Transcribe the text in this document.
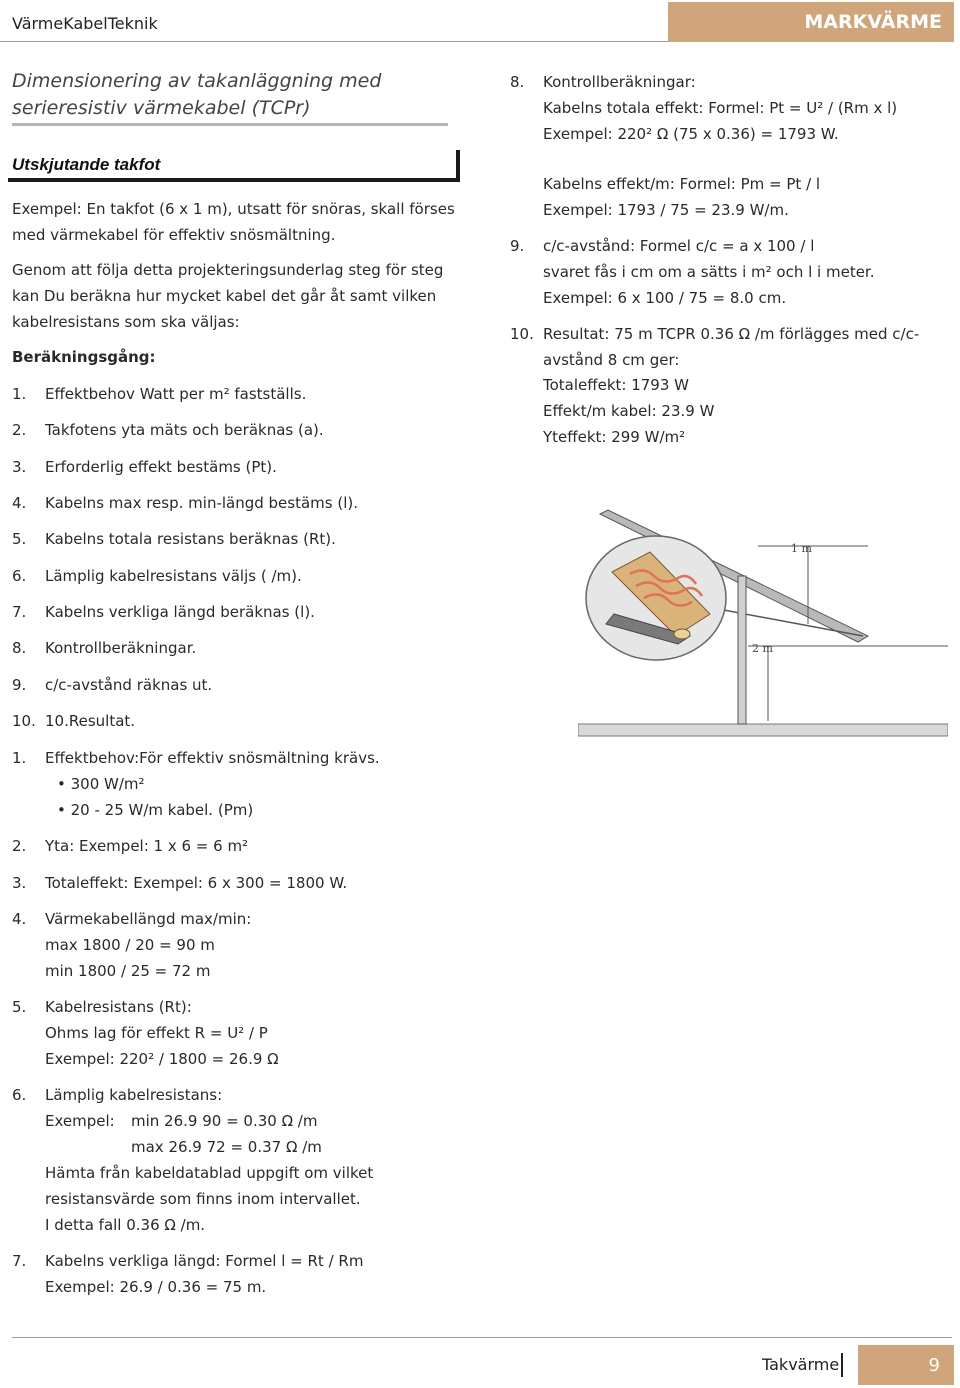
VärmeKabelTeknik	MARKVÄRME
Dimensionering av takanläggning med
serieresistiv värmekabel (TCPr)
Utskjutande takfot
Exempel: En takfot (6 x 1 m), utsatt för snöras, skall förses
med värmekabel för effektiv snösmältning.
Genom att följa detta projekteringsunderlag steg för steg
kan Du beräkna hur mycket kabel det går åt samt vilken
kabelresistans som ska väljas:
Beräkningsgång:
1. Effektbehov Watt per m² fastställs.
2. Takfotens yta mäts och beräknas (a).
3. Erforderlig effekt bestäms (Pt).
4. Kabelns max resp. min-längd bestäms (l).
5. Kabelns totala resistans beräknas (Rt).
6. Lämplig kabelresistans väljs ( /m).
7. Kabelns verkliga längd beräknas (l).
8. Kontrollberäkningar.
9. c/c-avstånd räknas ut.
10. 10.Resultat.
1. Effektbehov:För effektiv snösmältning krävs.
• 300 W/m²
• 20 - 25 W/m kabel. (Pm)
2. Yta: Exempel: 1 x 6 = 6 m²
3. Totaleffekt: Exempel: 6 x 300 = 1800 W.
4. Värmekabellängd max/min:
max 1800 / 20 = 90 m
min 1800 / 25 = 72 m
5. Kabelresistans (Rt):
Ohms lag för effekt R = U² / P
Exempel: 220² / 1800 = 26.9 Ω
6. Lämplig kabelresistans:
Exempel: min 26.9 90 = 0.30 Ω /m
max 26.9 72 = 0.37 Ω /m
Hämta från kabeldatablad uppgift om vilket
resistansvärde som finns inom intervallet.
I detta fall 0.36 Ω /m.
7. Kabelns verkliga längd: Formel l = Rt / Rm
Exempel: 26.9 / 0.36 = 75 m.
8. Kontrollberäkningar:
Kabelns totala effekt: Formel: Pt = U² / (Rm x l)
Exempel: 220² Ω (75 x 0.36) = 1793 W.
Kabelns effekt/m: Formel: Pm = Pt / l
Exempel: 1793 / 75 = 23.9 W/m.
9. c/c-avstånd: Formel c/c = a x 100 / l
svaret fås i cm om a sätts i m² och l i meter.
Exempel: 6 x 100 / 75 = 8.0 cm.
10. Resultat: 75 m TCPR 0.36 Ω /m förlägges med c/c-
avstånd 8 cm ger:
Totaleffekt: 1793 W
Effekt/m kabel: 23.9 W
Yteffekt: 299 W/m²
1 m
2 m
Takvärme	9
